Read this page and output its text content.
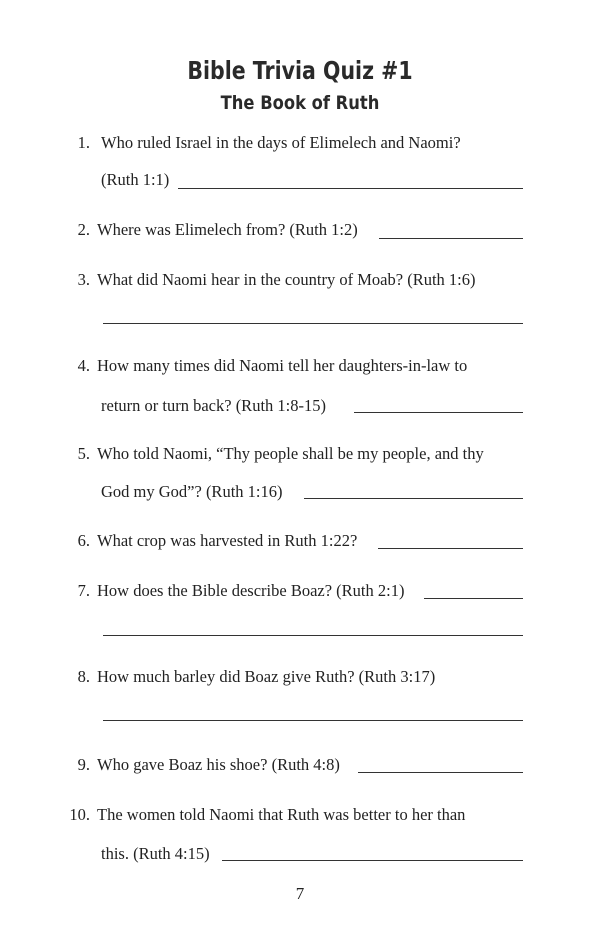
Bible Trivia Quiz #1
The Book of Ruth
1. Who ruled Israel in the days of Elimelech and Naomi?
(Ruth 1:1)
2. Where was Elimelech from? (Ruth 1:2)
3. What did Naomi hear in the country of Moab? (Ruth 1:6)
4. How many times did Naomi tell her daughters-in-law to
return or turn back? (Ruth 1:8-15)
5. Who told Naomi, “Thy people shall be my people, and thy
God my God”? (Ruth 1:16)
6. What crop was harvested in Ruth 1:22?
7. How does the Bible describe Boaz? (Ruth 2:1)
8. How much barley did Boaz give Ruth? (Ruth 3:17)
9. Who gave Boaz his shoe? (Ruth 4:8)
10. The women told Naomi that Ruth was better to her than
this. (Ruth 4:15)
7
